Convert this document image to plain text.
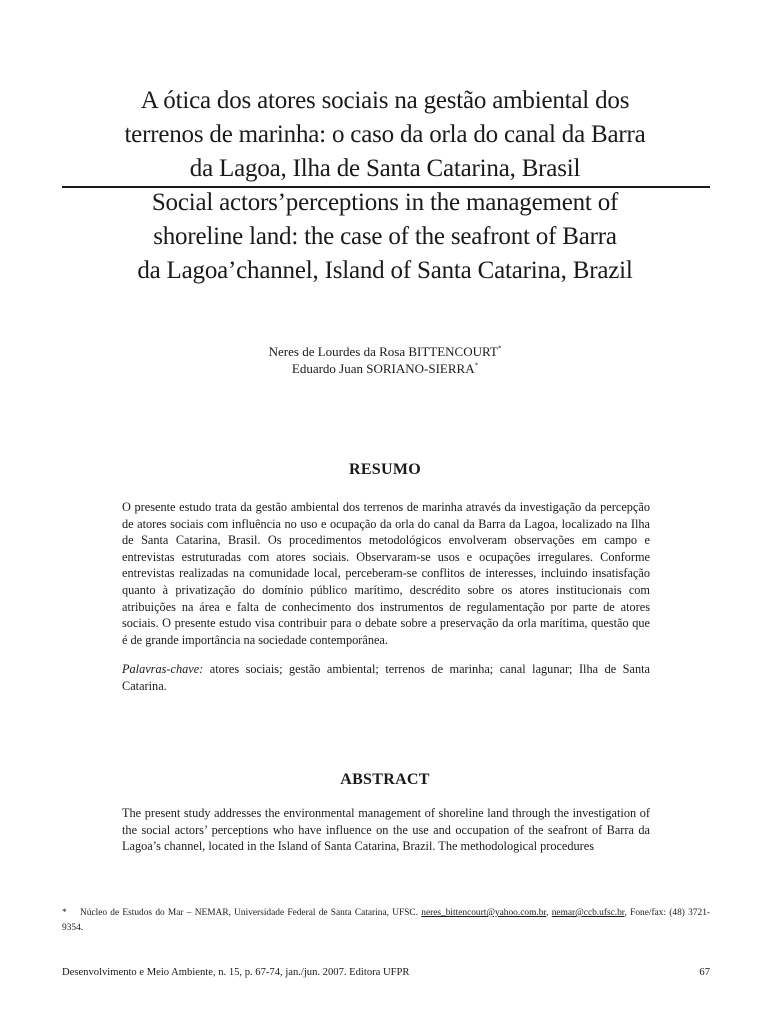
A ótica dos atores sociais na gestão ambiental dos
terrenos de marinha: o caso da orla do canal da Barra
da Lagoa, Ilha de Santa Catarina, Brasil
Social actors’perceptions in the management of
shoreline land: the case of the seafront of Barra
da Lagoa’channel, Island of Santa Catarina, Brazil
Neres de Lourdes da Rosa BITTENCOURT*
Eduardo Juan SORIANO-SIERRA*
RESUMO
O presente estudo trata da gestão ambiental dos terrenos de marinha através da investigação da percepção de atores sociais com influência no uso e ocupação da orla do canal da Barra da Lagoa, localizado na Ilha de Santa Catarina, Brasil. Os procedimentos metodológicos envolveram observações em campo e entrevistas estruturadas com atores sociais. Observaram-se usos e ocupações irregulares. Conforme entrevistas realizadas na comunidade local, perceberam-se conflitos de interesses, incluindo insatisfação quanto à privatização do domínio público marítimo, descrédito sobre os atores institucionais com atribuições na área e falta de conhecimento dos instrumentos de regulamentação por parte de atores sociais. O presente estudo visa contribuir para o debate sobre a preservação da orla marítima, questão que é de grande importância na sociedade contemporânea.
Palavras-chave: atores sociais; gestão ambiental; terrenos de marinha; canal lagunar; Ilha de Santa Catarina.
ABSTRACT
The present study addresses the environmental management of shoreline land through the investigation of the social actors’ perceptions who have influence on the use and occupation of the seafront of Barra da Lagoa’s channel, located in the Island of Santa Catarina, Brazil. The methodological procedures
* Núcleo de Estudos do Mar – NEMAR, Universidade Federal de Santa Catarina, UFSC. neres_bittencourt@yahoo.com.br, nemar@ccb.ufsc.br, Fone/fax: (48) 3721-9354.
Desenvolvimento e Meio Ambiente, n. 15, p. 67-74, jan./jun. 2007. Editora UFPR	67
